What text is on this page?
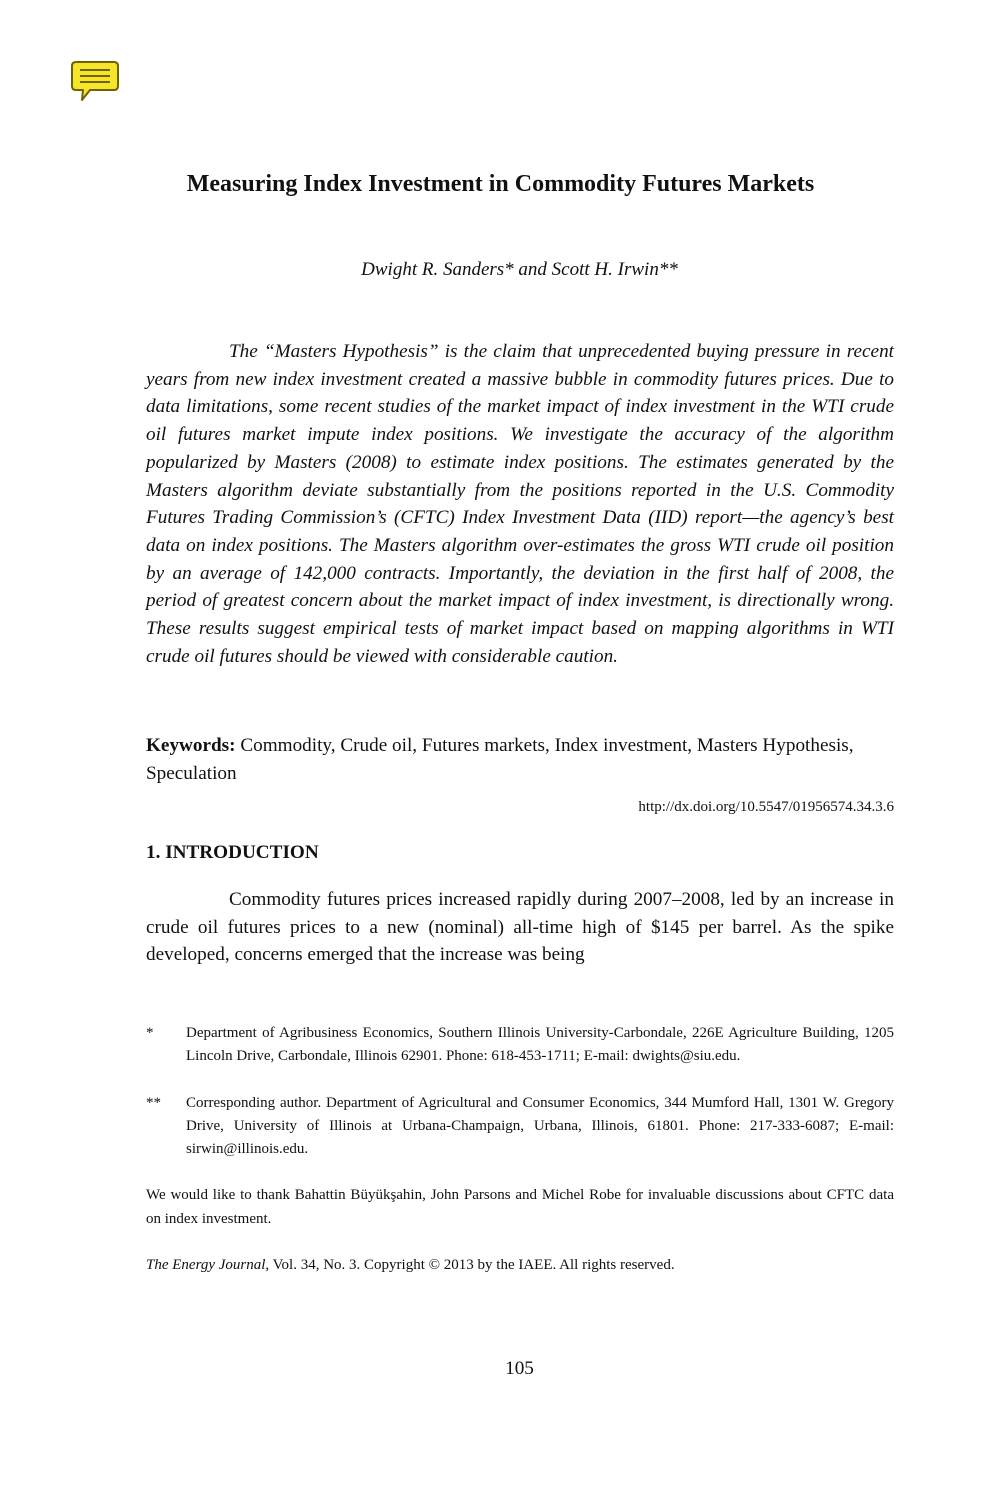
Measuring Index Investment in Commodity Futures Markets
Dwight R. Sanders* and Scott H. Irwin**

The “Masters Hypothesis” is the claim that unprecedented buying pressure in recent years from new index investment created a massive bubble in commodity futures prices. Due to data limitations, some recent studies of the market impact of index investment in the WTI crude oil futures market impute index positions. We investigate the accuracy of the algorithm popularized by Masters (2008) to estimate index positions. The estimates generated by the Masters algorithm deviate substantially from the positions reported in the U.S. Commodity Futures Trading Commission’s (CFTC) Index Investment Data (IID) report—the agency’s best data on index positions. The Masters algorithm over-estimates the gross WTI crude oil position by an average of 142,000 contracts. Importantly, the deviation in the first half of 2008, the period of greatest concern about the market impact of index investment, is directionally wrong. These results suggest empirical tests of market impact based on mapping algorithms in WTI crude oil futures should be viewed with considerable caution.

Keywords: Commodity, Crude oil, Futures markets, Index investment, Masters Hypothesis, Speculation

http://dx.doi.org/10.5547/01956574.34.3.6
1. INTRODUCTION

Commodity futures prices increased rapidly during 2007–2008, led by an increase in crude oil futures prices to a new (nominal) all-time high of $145 per barrel. As the spike developed, concerns emerged that the increase was being

* Department of Agribusiness Economics, Southern Illinois University-Carbondale, 226E Agriculture Building, 1205 Lincoln Drive, Carbondale, Illinois 62901. Phone: 618-453-1711; E-mail: dwights@siu.edu.
** Corresponding author. Department of Agricultural and Consumer Economics, 344 Mumford Hall, 1301 W. Gregory Drive, University of Illinois at Urbana-Champaign, Urbana, Illinois, 61801. Phone: 217-333-6087; E-mail: sirwin@illinois.edu.

We would like to thank Bahattin Büyükşahin, John Parsons and Michel Robe for invaluable discussions about CFTC data on index investment.

The Energy Journal, Vol. 34, No. 3. Copyright © 2013 by the IAEE. All rights reserved.
105
